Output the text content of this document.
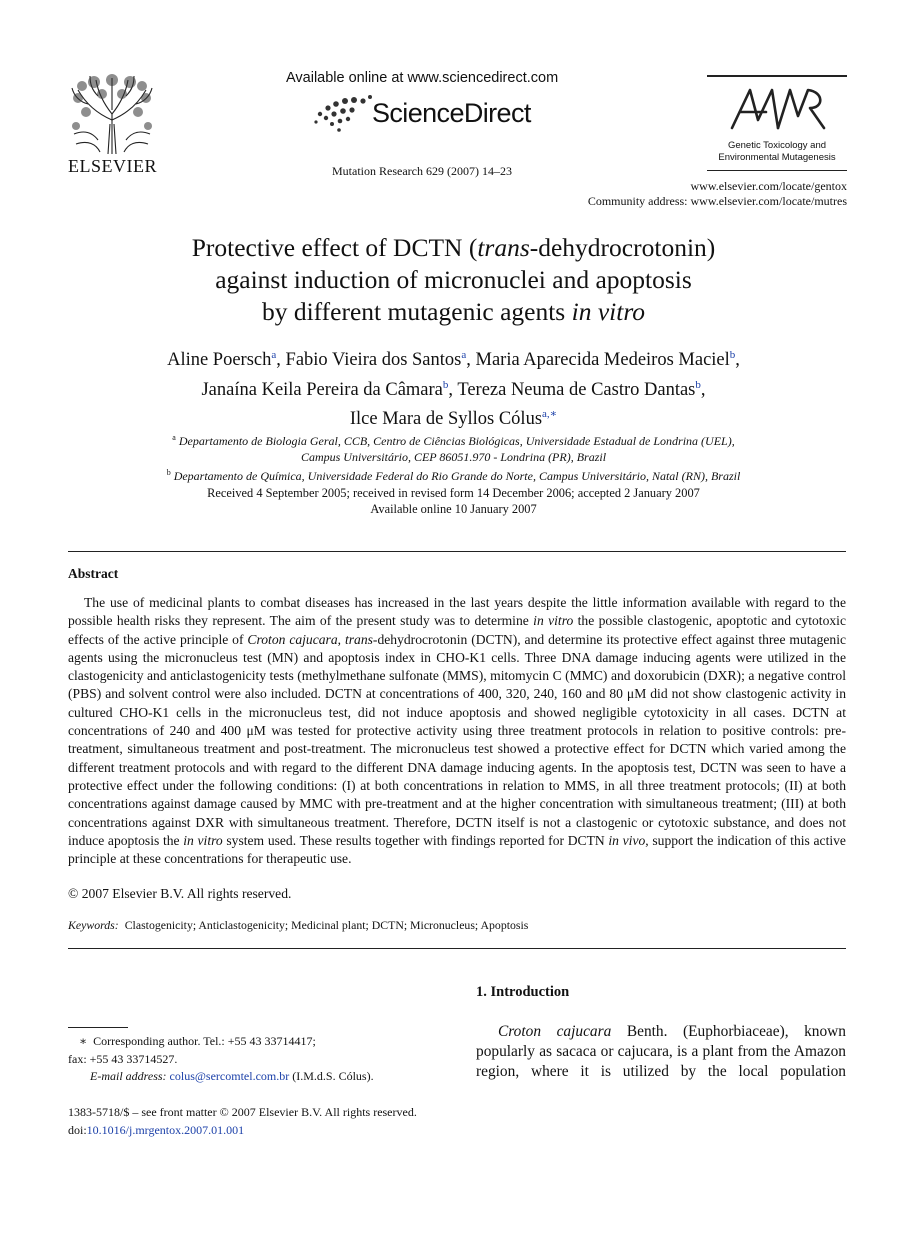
ELSEVIER
Available online at www.sciencedirect.com
ScienceDirect
Mutation Research 629 (2007) 14–23
Genetic Toxicology and Environmental Mutagenesis
www.elsevier.com/locate/gentox
Community address: www.elsevier.com/locate/mutres
Protective effect of DCTN (trans-dehydrocrotonin)
against induction of micronuclei and apoptosis
by different mutagenic agents in vitro
Aline Poersch$^a$, Fabio Vieira dos Santos$^a$, Maria Aparecida Medeiros Maciel$^b$,
Janaína Keila Pereira da Câmara$^b$, Tereza Neuma de Castro Dantas$^b$,
Ilce Mara de Syllos Cólus$^{a,∗}$
$^a$ Departamento de Biologia Geral, CCB, Centro de Ciências Biológicas, Universidade Estadual de Londrina (UEL),
Campus Universitário, CEP 86051.970 - Londrina (PR), Brazil
$^b$ Departamento de Química, Universidade Federal do Rio Grande do Norte, Campus Universitário, Natal (RN), Brazil
Received 4 September 2005; received in revised form 14 December 2006; accepted 2 January 2007
Available online 10 January 2007
Abstract

The use of medicinal plants to combat diseases has increased in the last years despite the little information available with regard to the possible health risks they represent. The aim of the present study was to determine in vitro the possible clastogenic, apoptotic and cytotoxic effects of the active principle of Croton cajucara, trans-dehydrocrotonin (DCTN), and determine its protective effect against three mutagenic agents using the micronucleus test (MN) and apoptosis index in CHO-K1 cells. Three DNA damage inducing agents were utilized in the clastogenicity and anticlastogenicity tests (methylmethane sulfonate (MMS), mitomycin C (MMC) and doxorubicin (DXR); a negative control (PBS) and solvent control were also included. DCTN at concentrations of 400, 320, 240, 160 and 80 μM did not show clastogenic activity in cultured CHO-K1 cells in the micronucleus test, did not induce apoptosis and showed negligible cytotoxicity in all cases. DCTN at concentrations of 240 and 400 μM was tested for protective activity using three treatment protocols in relation to positive controls: pre-treatment, simultaneous treatment and post-treatment. The micronucleus test showed a protective effect for DCTN which varied among the different treatment protocols and with regard to the different DNA damage inducing agents. In the apoptosis test, DCTN was seen to have a protective effect under the following conditions: (I) at both concentrations in relation to MMS, in all three treatment protocols; (II) at both concentrations against damage caused by MMC with pre-treatment and at the higher concentration with simultaneous treatment; (III) at both concentrations against DXR with simultaneous treatment. Therefore, DCTN itself is not a clastogenic or cytotoxic substance, and does not induce apoptosis the in vitro system used. These results together with findings reported for DCTN in vivo, support the indication of this active principle at these concentrations for therapeutic use.

© 2007 Elsevier B.V. All rights reserved.
Keywords: Clastogenicity; Anticlastogenicity; Medicinal plant; DCTN; Micronucleus; Apoptosis
∗ Corresponding author. Tel.: +55 43 33714417;
fax: +55 43 33714527.
E-mail address: colus@sercomtel.com.br (I.M.d.S. Cólus).
1383-5718/$ – see front matter © 2007 Elsevier B.V. All rights reserved.
doi:10.1016/j.mrgentox.2007.01.001
1. Introduction

Croton cajucara Benth. (Euphorbiaceae), known popularly as sacaca or cajucara, is a plant from the Amazon region, where it is utilized by the local population
